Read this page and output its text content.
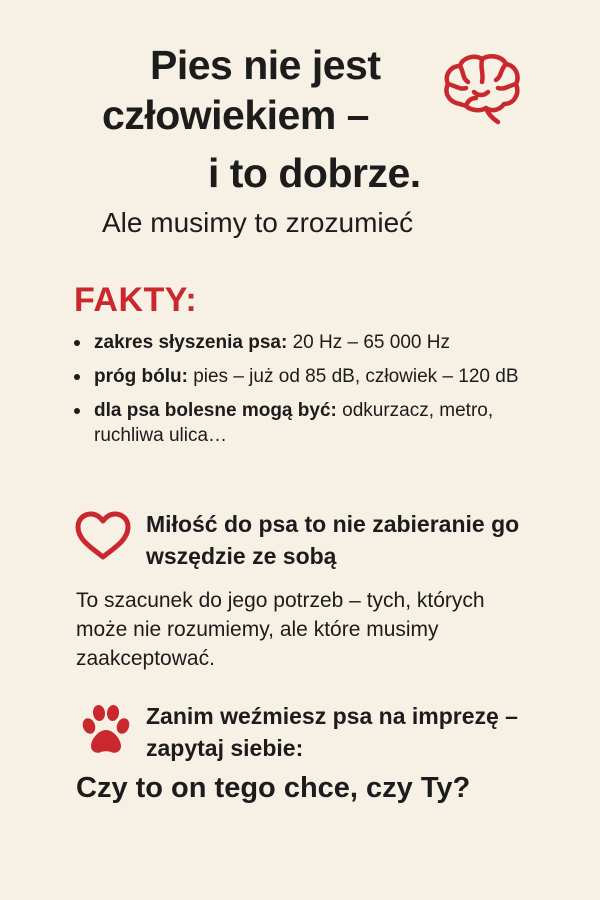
Pies nie jest
człowiekiem –
i to dobrze.
Ale musimy to zrozumieć
FAKTY:
zakres słyszenia psa: 20 Hz – 65 000 Hz
próg bólu: pies – już od 85 dB, człowiek – 120 dB
dla psa bolesne mogą być: odkurzacz, metro, ruchliwa ulica…
Miłość do psa to nie zabieranie go wszędzie ze sobą
To szacunek do jego potrzeb – tych, których może nie rozumiemy, ale które musimy zaakceptować.
Zanim weźmiesz psa na imprezę – zapytaj siebie:
Czy to on tego chce, czy Ty?
